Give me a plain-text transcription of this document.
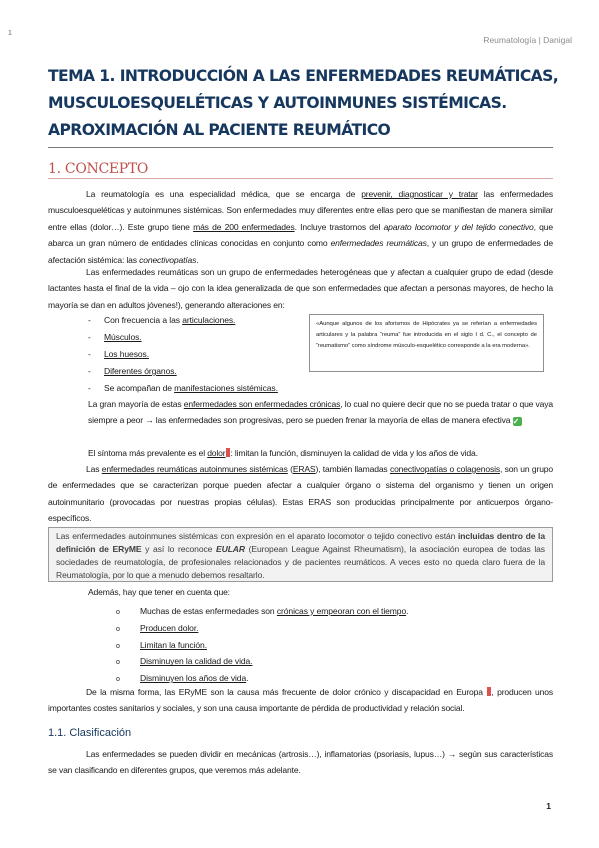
1
Reumatología | Danigal
TEMA 1. INTRODUCCIÓN A LAS ENFERMEDADES REUMÁTICAS,
MUSCULOESQUELÉTICAS Y AUTOINMUNES SISTÉMICAS.
APROXIMACIÓN AL PACIENTE REUMÁTICO
1. CONCEPTO
La reumatología es una especialidad médica, que se encarga de prevenir, diagnosticar y tratar las enfermedades musculoesqueléticas y autoinmunes sistémicas. Son enfermedades muy diferentes entre ellas pero que se manifiestan de manera similar entre ellas (dolor…). Este grupo tiene más de 200 enfermedades. Incluye trastornos del aparato locomotor y del tejido conectivo, que abarca un gran número de entidades clínicas conocidas en conjunto como enfermedades reumáticas, y un grupo de enfermedades de afectación sistémica: las conectivopatías.
Las enfermedades reumáticas son un grupo de enfermedades heterogéneas que y afectan a cualquier grupo de edad (desde lactantes hasta el final de la vida – ojo con la idea generalizada de que son enfermedades que afectan a personas mayores, de hecho la mayoría se dan en adultos jóvenes!), generando alteraciones en:
- Con frecuencia a las articulaciones.
- Músculos.
- Los huesos.
- Diferentes órganos.
- Se acompañan de manifestaciones sistémicas.
«Aunque algunos de los aforismos de Hipócrates ya se referían a enfermedades articulares y la palabra “reuma” fue introducida en el siglo I d. C., el concepto de “reumatismo” como síndrome músculo-esquelético corresponde a la era moderna».
La gran mayoría de estas enfermedades son enfermedades crónicas, lo cual no quiere decir que no se pueda tratar o que vaya siempre a peor → las enfermedades son progresivas, pero se pueden frenar la mayoría de ellas de manera efectiva ✓
El síntoma más prevalente es el dolor : limitan la función, disminuyen la calidad de vida y los años de vida.
Las enfermedades reumáticas autoinmunes sistémicas (ERAS), también llamadas conectivopatías o colagenosis, son un grupo de enfermedades que se caracterizan porque pueden afectar a cualquier órgano o sistema del organismo y tienen un origen autoinmunitario (provocadas por nuestras propias células). Estas ERAS son producidas principalmente por anticuerpos órgano-específicos.
Las enfermedades autoinmunes sistémicas con expresión en el aparato locomotor o tejido conectivo están incluidas dentro de la definición de ERyME y así lo reconoce EULAR (European League Against Rheumatism), la asociación europea de todas las sociedades de reumatología, de profesionales relacionados y de pacientes reumáticos. A veces esto no queda claro fuera de la Reumatología, por lo que a menudo debemos resaltarlo.
Además, hay que tener en cuenta que:
o Muchas de estas enfermedades son crónicas y empeoran con el tiempo.
o Producen dolor.
o Limitan la función.
o Disminuyen la calidad de vida.
o Disminuyen los años de vida.
De la misma forma, las ERyME son la causa más frecuente de dolor crónico y discapacidad en Europa , producen unos importantes costes sanitarios y sociales, y son una causa importante de pérdida de productividad y relación social.
1.1. Clasificación
Las enfermedades se pueden dividir en mecánicas (artrosis…), inflamatorias (psoriasis, lupus…) → según sus características se van clasificando en diferentes grupos, que veremos más adelante.
1
